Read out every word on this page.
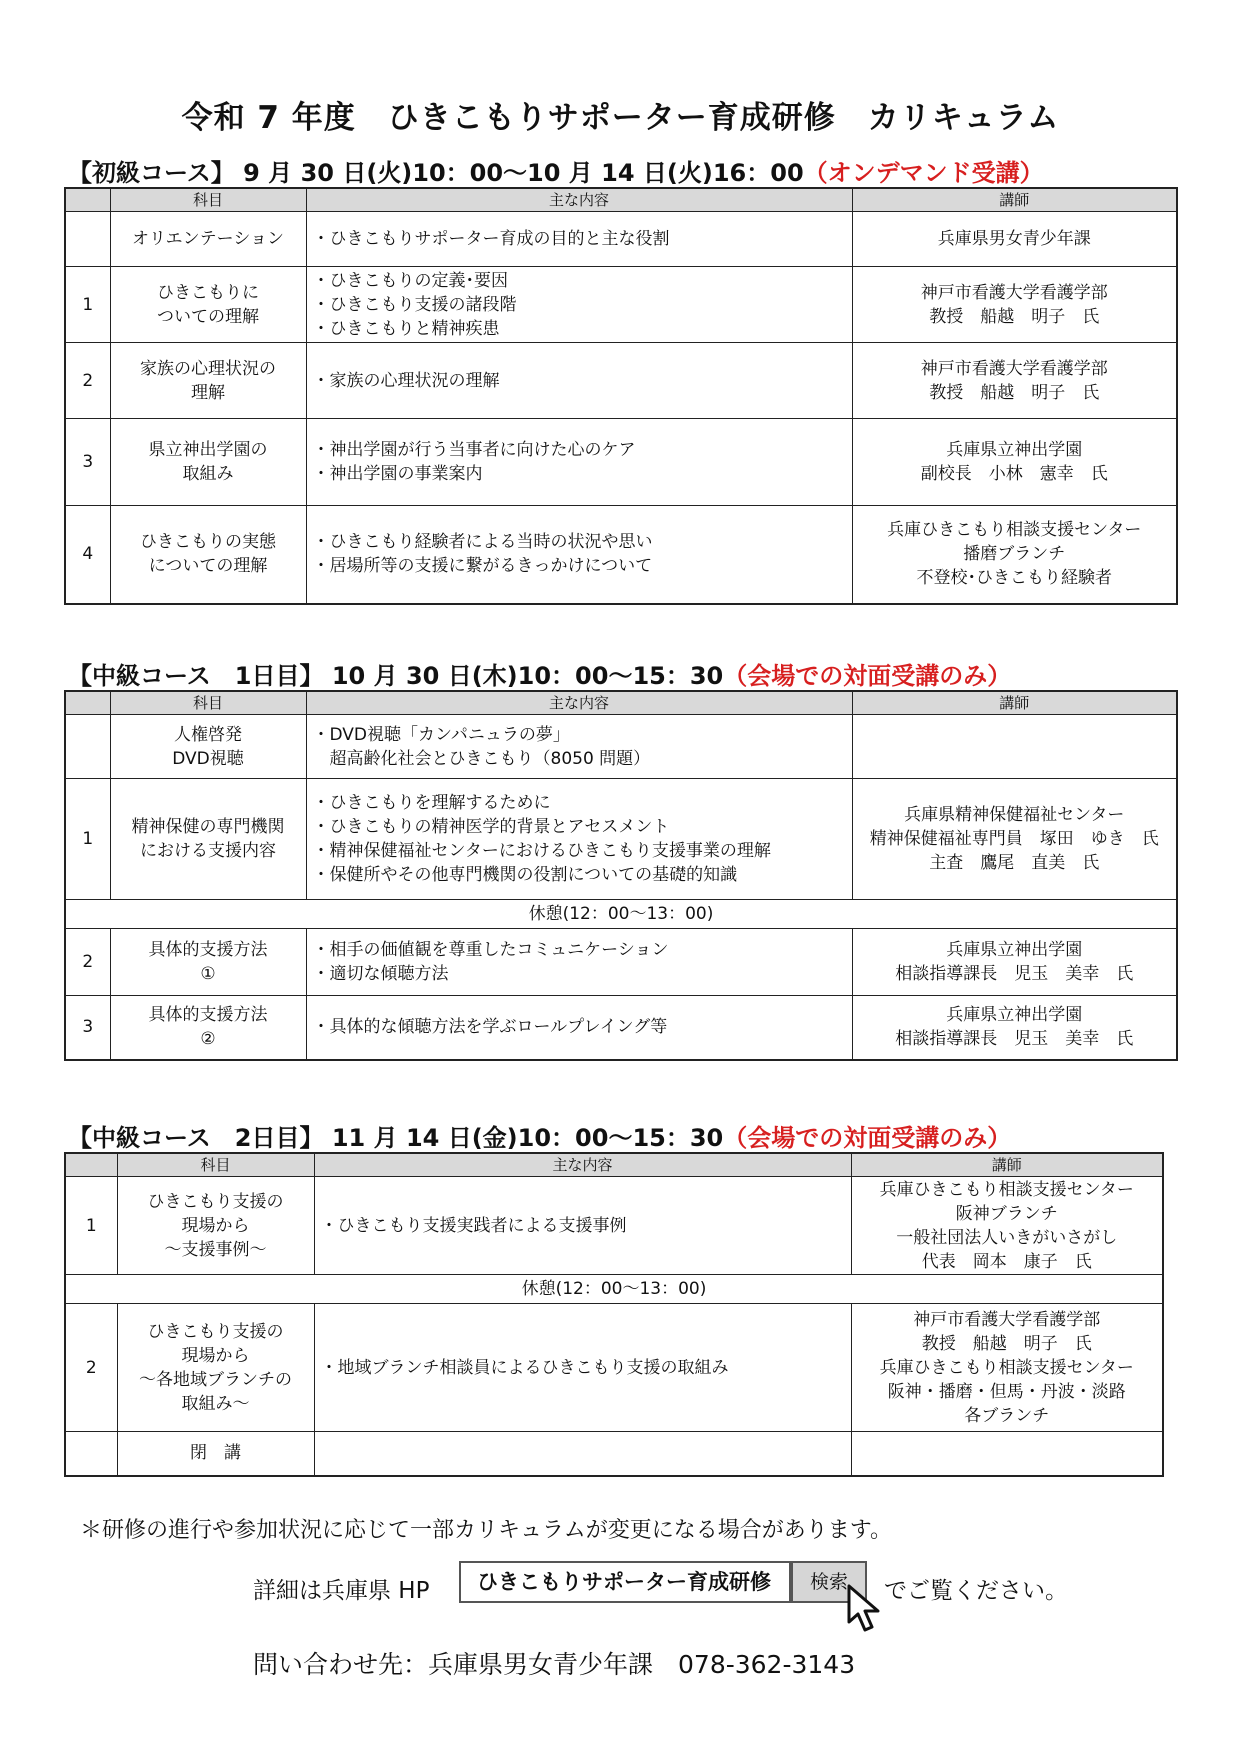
令和 7 年度　ひきこもりサポーター育成研修　カリキュラム
【初級コース】 9 月 30 日(火)10：00～10 月 14 日(火)16：00（オンデマンド受講）
	科目	主な内容	講師

	オリエンテーション	・ひきこもりサポーター育成の目的と主な役割	兵庫県男女青少年課

1	ひきこもりに
ついての理解	・ひきこもりの定義･要因
・ひきこもり支援の諸段階
・ひきこもりと精神疾患	神戸市看護大学看護学部
教授　船越　明子　氏

2	家族の心理状況の
理解	・家族の心理状況の理解	神戸市看護大学看護学部
教授　船越　明子　氏

3	県立神出学園の
取組み	・神出学園が行う当事者に向けた心のケア
・神出学園の事業案内	兵庫県立神出学園
副校長　小林　憲幸　氏

4	ひきこもりの実態
についての理解	・ひきこもり経験者による当時の状況や思い
・居場所等の支援に繋がるきっかけについて	兵庫ひきこもり相談支援センター
播磨ブランチ
不登校･ひきこもり経験者
【中級コース　1日目】 10 月 30 日(木)10：00～15：30（会場での対面受講のみ）
	科目	主な内容	講師

	人権啓発
DVD視聴	・DVD視聴「カンパニュラの夢」
　超高齢化社会とひきこもり（8050 問題）	

1	精神保健の専門機関
における支援内容	・ひきこもりを理解するために
・ひきこもりの精神医学的背景とアセスメント
・精神保健福祉センターにおけるひきこもり支援事業の理解
・保健所やその他専門機関の役割についての基礎的知識	兵庫県精神保健福祉センター
精神保健福祉専門員　塚田　ゆき　氏
主査　鷹尾　直美　氏

休憩(12：00～13：00)			
2	具体的支援方法
①	・相手の価値観を尊重したコミュニケーション
・適切な傾聴方法	兵庫県立神出学園
相談指導課長　児玉　美幸　氏

3	具体的支援方法
②	・具体的な傾聴方法を学ぶロールプレイング等	兵庫県立神出学園
相談指導課長　児玉　美幸　氏
【中級コース　2日目】 11 月 14 日(金)10：00～15：30（会場での対面受講のみ）
	科目	主な内容	講師
1	ひきこもり支援の
現場から
～支援事例～	・ひきこもり支援実践者による支援事例	兵庫ひきこもり相談支援センター
阪神ブランチ
一般社団法人いきがいさがし
代表　岡本　康子　氏

休憩(12：00～13：00)			
2	ひきこもり支援の
現場から
～各地域ブランチの
取組み～	・地域ブランチ相談員によるひきこもり支援の取組み	神戸市看護大学看護学部
教授　船越　明子　氏
兵庫ひきこもり相談支援センター
阪神・播磨・但馬・丹波・淡路
各ブランチ

	閉　講		

＊研修の進行や参加状況に応じて一部カリキュラムが変更になる場合があります。
詳細は兵庫県 HP	ひきこもりサポーター育成研修	検索	でご覧ください。
問い合わせ先：兵庫県男女青少年課　078-362-3143
